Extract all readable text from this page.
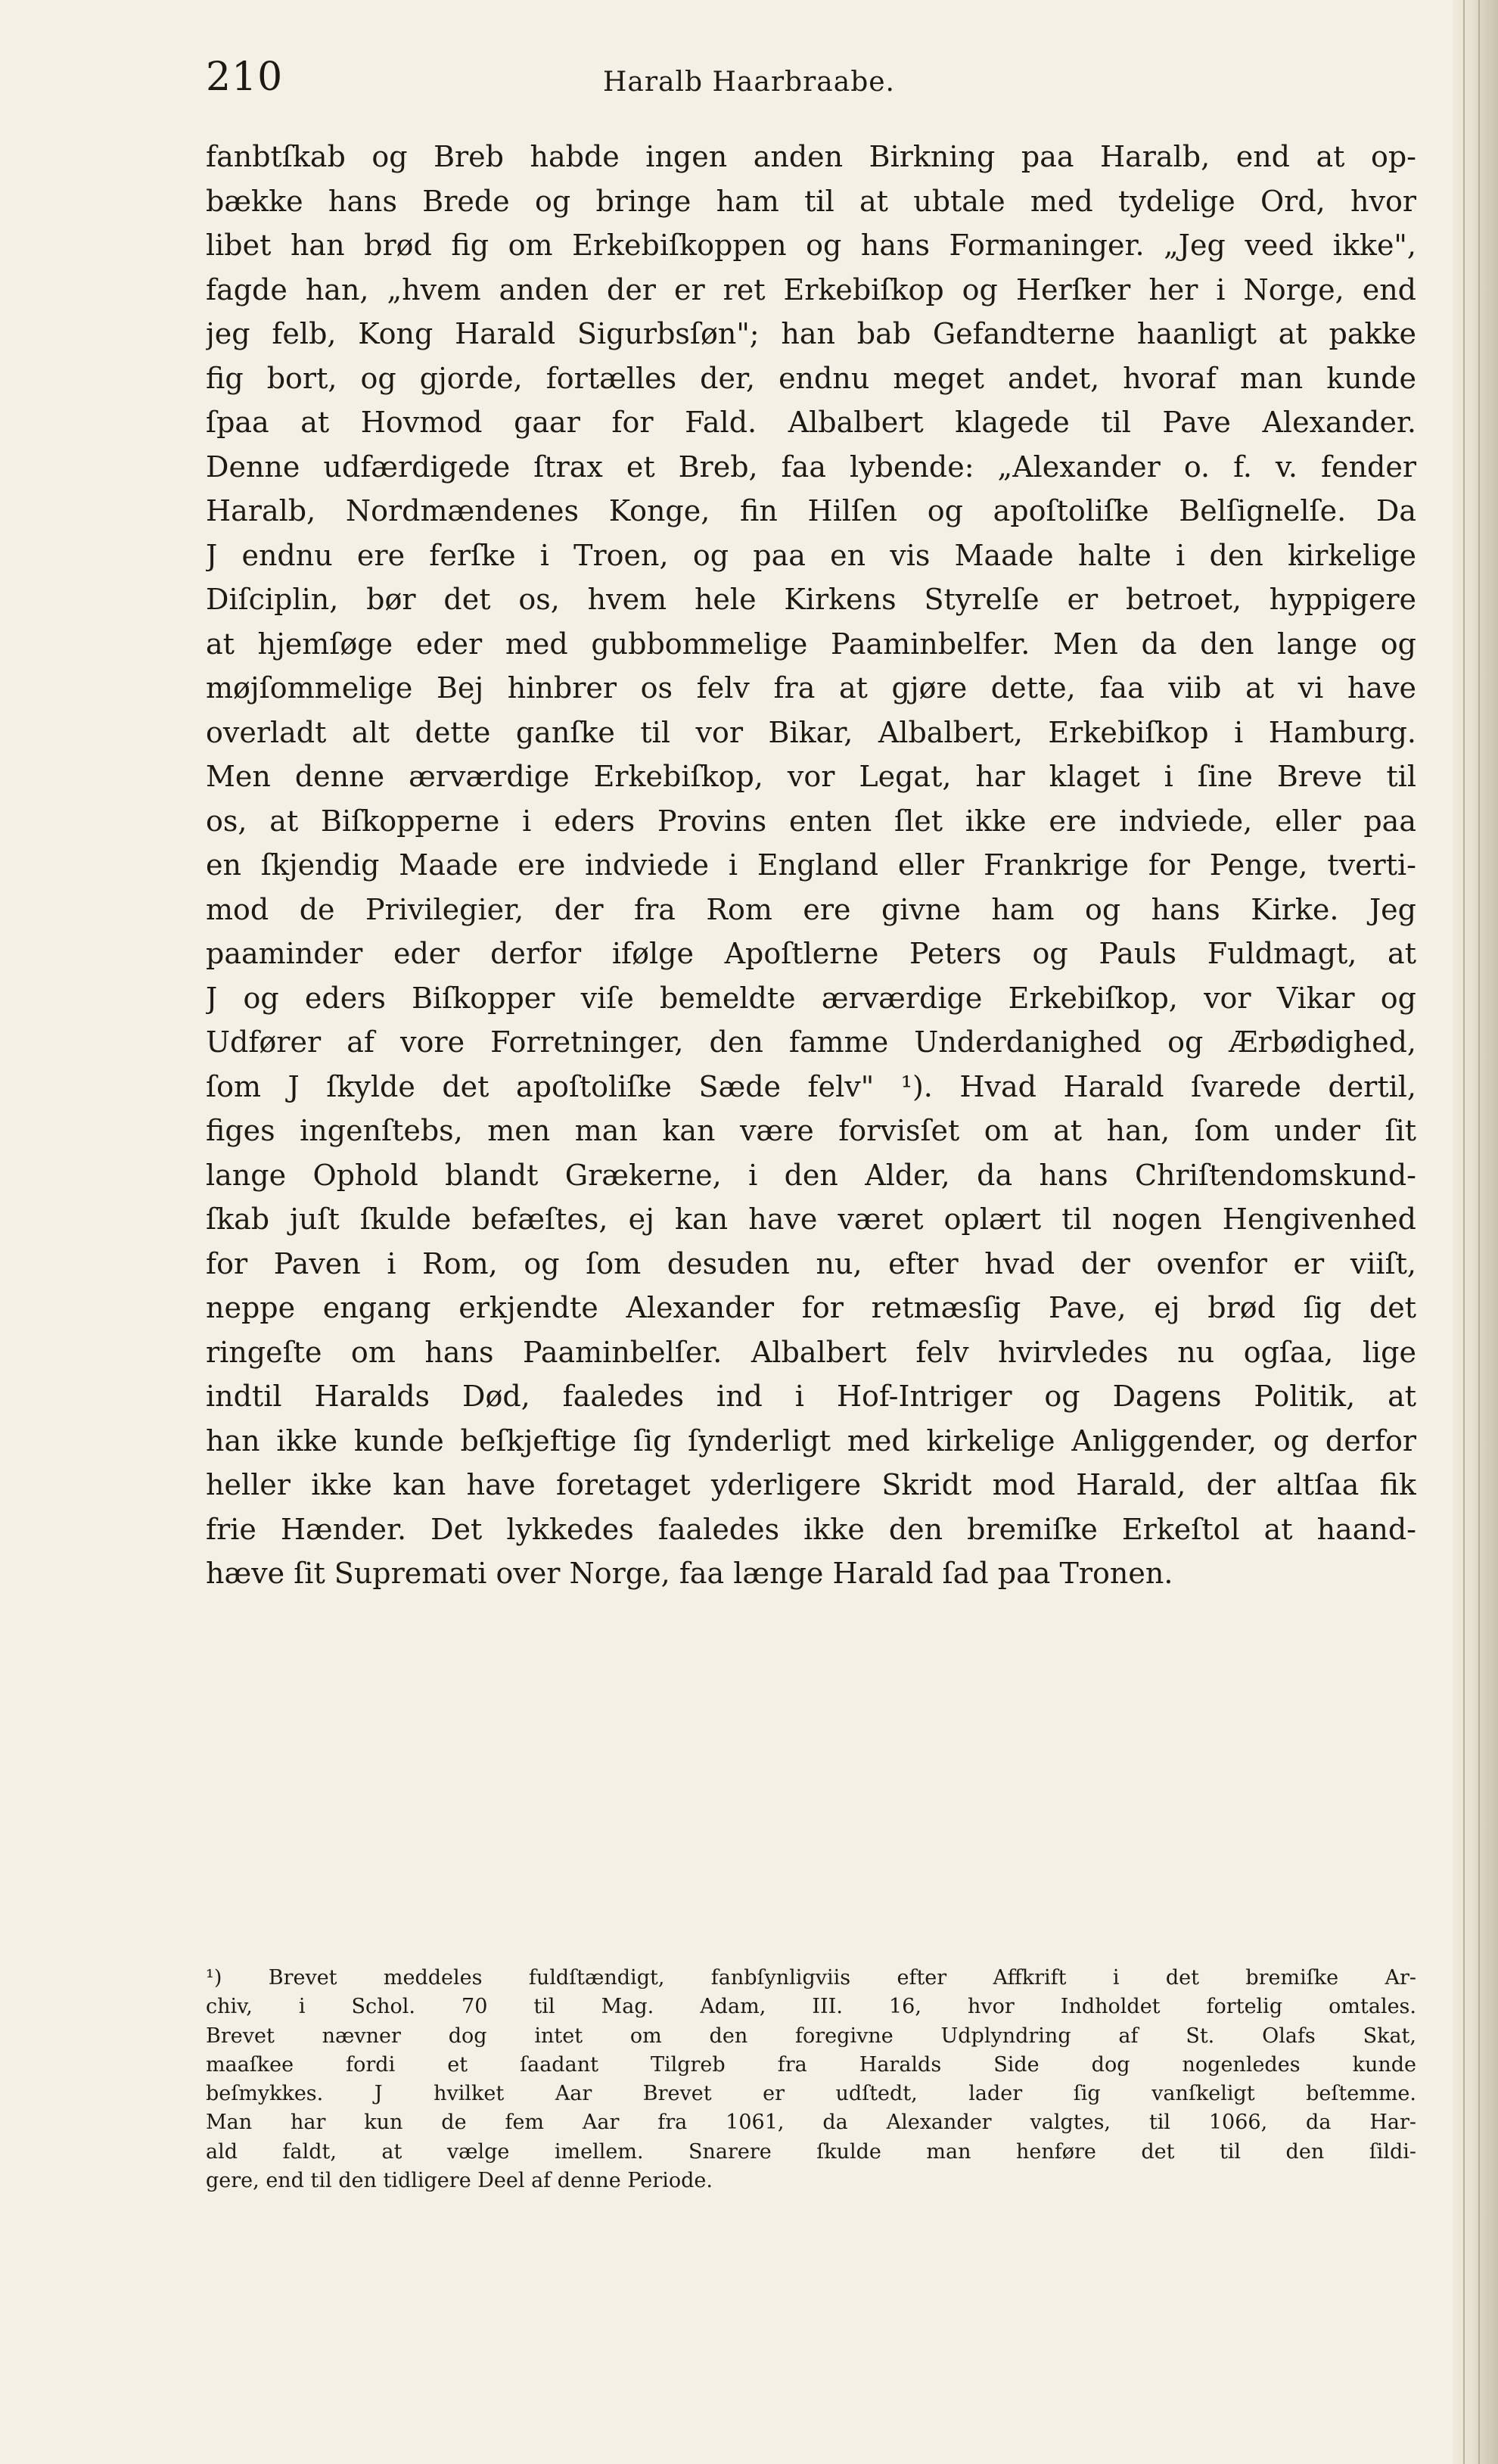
210	Haralb Haarbraabe.
fanbtſkab og Breb habde ingen anden Birkning paa Haralb, end at op-
bække hans Brede og bringe ham til at ubtale med tydelige Ord, hvor
libet han brød fig om Erkebiſkoppen og hans Formaninger. „Jeg veed ikke",
fagde han, „hvem anden der er ret Erkebiſkop og Herſker her i Norge, end
jeg felb, Kong Harald Sigurbsſøn"; han bab Gefandterne haanligt at pakke
fig bort, og gjorde, fortælles der, endnu meget andet, hvoraf man kunde
ſpaa at Hovmod gaar for Fald. Albalbert klagede til Pave Alexander.
Denne udfærdigede ſtrax et Breb, faa lybende: „Alexander o. f. v. fender
Haralb, Nordmændenes Konge, fin Hilſen og apoſtoliſke Belſignelſe. Da
J endnu ere ferſke i Troen, og paa en vis Maade halte i den kirkelige
Diſciplin, bør det os, hvem hele Kirkens Styrelſe er betroet, hyppigere
at hjemſøge eder med gubbommelige Paaminbelfer. Men da den lange og
møjſommelige Bej hinbrer os felv fra at gjøre dette, faa viib at vi have
overladt alt dette ganſke til vor Bikar, Albalbert, Erkebiſkop i Hamburg.
Men denne ærværdige Erkebiſkop, vor Legat, har klaget i ſine Breve til
os, at Biſkopperne i eders Provins enten ſlet ikke ere indviede, eller paa
en ſkjendig Maade ere indviede i England eller Frankrige for Penge, tverti-
mod de Privilegier, der fra Rom ere givne ham og hans Kirke. Jeg
paaminder eder derfor ifølge Apoſtlerne Peters og Pauls Fuldmagt, at
J og eders Biſkopper viſe bemeldte ærværdige Erkebiſkop, vor Vikar og
Udfører af vore Forretninger, den famme Underdanighed og Ærbødighed,
ſom J ſkylde det apoſtoliſke Sæde felv" ¹). Hvad Harald ſvarede dertil,
figes ingenſtebs, men man kan være forvisſet om at han, ſom under ſit
lange Ophold blandt Grækerne, i den Alder, da hans Chriſtendomskund-
ſkab juſt ſkulde befæſtes, ej kan have været oplært til nogen Hengivenhed
for Paven i Rom, og ſom desuden nu, efter hvad der ovenfor er viiſt,
neppe engang erkjendte Alexander for retmæsſig Pave, ej brød ſig det
ringeſte om hans Paaminbelſer. Albalbert felv hvirvledes nu ogſaa, lige
indtil Haralds Død, faaledes ind i Hof-Intriger og Dagens Politik, at
han ikke kunde beſkjeftige ſig ſynderligt med kirkelige Anliggender, og derfor
heller ikke kan have foretaget yderligere Skridt mod Harald, der altſaa fik
frie Hænder. Det lykkedes faaledes ikke den bremiſke Erkeſtol at haand-
hæve ſit Supremati over Norge, faa længe Harald ſad paa Tronen.
¹) Brevet meddeles fuldſtændigt, fanbſynligviis efter Affkrift i det bremiſke Ar-
chiv, i Schol. 70 til Mag. Adam, III. 16, hvor Indholdet fortelig omtales.
Brevet nævner dog intet om den foregivne Udplyndring af St. Olafs Skat,
maaſkee fordi et ſaadant Tilgreb fra Haralds Side dog nogenledes kunde
beſmykkes. J hvilket Aar Brevet er udſtedt, lader ſig vanſkeligt beſtemme.
Man har kun de fem Aar fra 1061, da Alexander valgtes, til 1066, da Har-
ald faldt, at vælge imellem. Snarere ſkulde man henføre det til den ſildi-
gere, end til den tidligere Deel af denne Periode.
